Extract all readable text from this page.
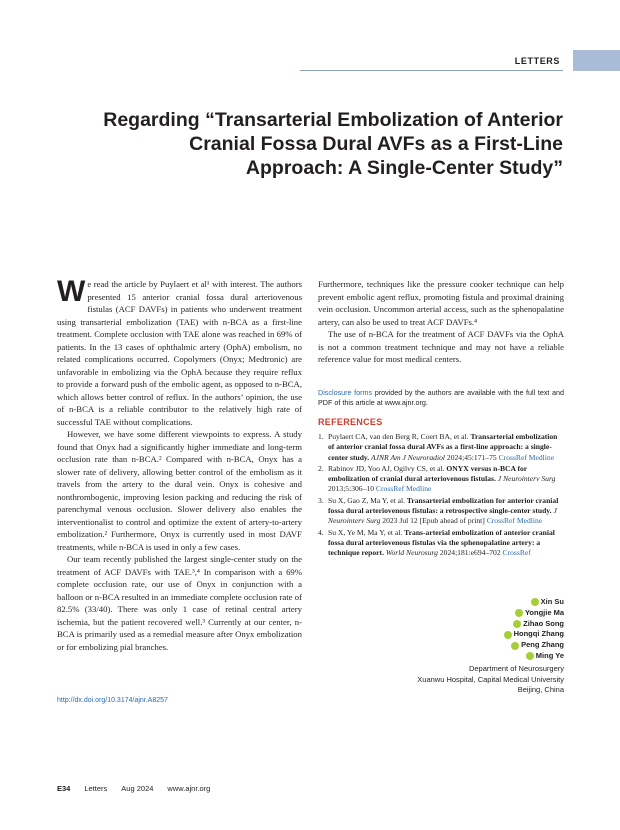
LETTERS
Regarding “Transarterial Embolization of Anterior Cranial Fossa Dural AVFs as a First-Line Approach: A Single-Center Study”

We read the article by Puylaert et al¹ with interest. The authors presented 15 anterior cranial fossa dural arteriovenous fistulas (ACF DAVFs) in patients who underwent treatment using transarterial embolization (TAE) with n-BCA as a first-line treatment. Complete occlusion with TAE alone was reached in 69% of patients. In the 13 cases of ophthalmic artery (OphA) embolism, no related complications occurred. Copolymers (Onyx; Medtronic) are unfavorable in embolizing via the OphA because they require reflux to provide a forward push of the embolic agent, as opposed to n-BCA, which allows better control of reflux. In the authors’ opinion, the use of n-BCA is a reliable contributor to the relatively high rate of successful TAE without complications.

However, we have some different viewpoints to express. A study found that Onyx had a significantly higher immediate and long-term occlusion rate than n-BCA.² Compared with n-BCA, Onyx has a slower rate of delivery, allowing better control of the embolism as it travels from the artery to the dural vein. Onyx is cohesive and nonthrombogenic, improving lesion packing and reducing the risk of parenchymal venous occlusion. Slower delivery also enables the interventionalist to control and optimize the extent of artery-to-artery embolization.² Furthermore, Onyx is currently used in most DAVF treatments, while n-BCA is used in only a few cases.

Our team recently published the largest single-center study on the treatment of ACF DAVFs with TAE.³,⁴ In comparison with a 69% complete occlusion rate, our use of Onyx in conjunction with a balloon or n-BCA resulted in an immediate complete occlusion rate of 82.5% (33/40). There was only 1 case of retinal central artery ischemia, but the patient recovered well.³ Currently at our center, n-BCA is primarily used as a remedial measure after Onyx embolization or for embolizing pial branches.

Furthermore, techniques like the pressure cooker technique can help prevent embolic agent reflux, promoting fistula and proximal draining vein occlusion. Uncommon arterial access, such as the sphenopalatine artery, can also be used to treat ACF DAVFs.⁴

The use of n-BCA for the treatment of ACF DAVFs via the OphA is not a common treatment technique and may not have a reliable reference value for most medical centers.

Disclosure forms provided by the authors are available with the full text and PDF of this article at www.ajnr.org.
REFERENCES
1. Puylaert CA, van den Berg R, Coert BA, et al. Transarterial embolization of anterior cranial fossa dural AVFs as a first-line approach: a single-center study. AJNR Am J Neuroradiol 2024;45:171–75 CrossRef Medline
2. Rabinov JD, Yoo AJ, Ogilvy CS, et al. ONYX versus n-BCA for embolization of cranial dural arteriovenous fistulas. J Neurointerv Surg 2013;5:306–10 CrossRef Medline
3. Su X, Gao Z, Ma Y, et al. Transarterial embolization for anterior cranial fossa dural arteriovenous fistulas: a retrospective single-center study. J Neurointerv Surg 2023 Jul 12 [Epub ahead of print] CrossRef Medline
4. Su X, Ye M, Ma Y, et al. Trans-arterial embolization of anterior cranial fossa dural arteriovenous fistulas via the sphenopalatine artery: a technique report. World Neurosurg 2024;181:e694–702 CrossRef
Xin Su
Yongjie Ma
Zihao Song
Hongqi Zhang
Peng Zhang
Ming Ye
Department of Neurosurgery
Xuanwu Hospital, Capital Medical University
Beijing, China
http://dx.doi.org/10.3174/ajnr.A8257
E34 Letters Aug 2024 www.ajnr.org
